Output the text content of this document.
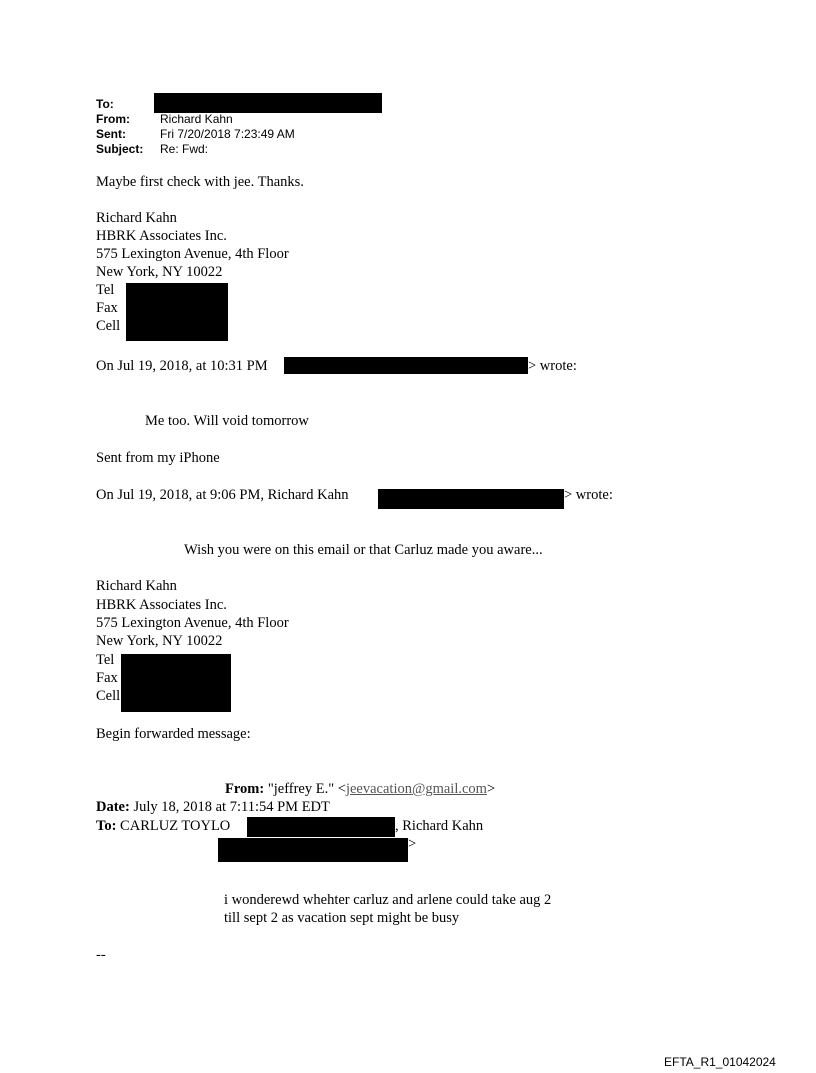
To:
From:	Richard Kahn
Sent:	Fri 7/20/2018 7:23:49 AM
Subject: Re: Fwd:
Maybe first check with jee. Thanks.
Richard Kahn
HBRK Associates Inc.
575 Lexington Avenue, 4th Floor
New York, NY 10022
Tel
Fax
Cell
On Jul 19, 2018, at 10:31 PM	> wrote:
Me too. Will void tomorrow
Sent from my iPhone
On Jul 19, 2018, at 9:06 PM, Richard Kahn	> wrote:
Wish you were on this email or that Carluz made you aware...
Richard Kahn
HBRK Associates Inc.
575 Lexington Avenue, 4th Floor
New York, NY 10022
Tel
Fax
Cell
Begin forwarded message:
From: "jeffrey E." <jeevacation@gmail.com>
Date: July 18, 2018 at 7:11:54 PM EDT
To: CARLUZ TOYLO	, Richard Kahn
>
i wonderewd whehter carluz and arlene could take aug 2
till sept 2 as vacation sept might be busy
--
EFTA_R1_01042024
